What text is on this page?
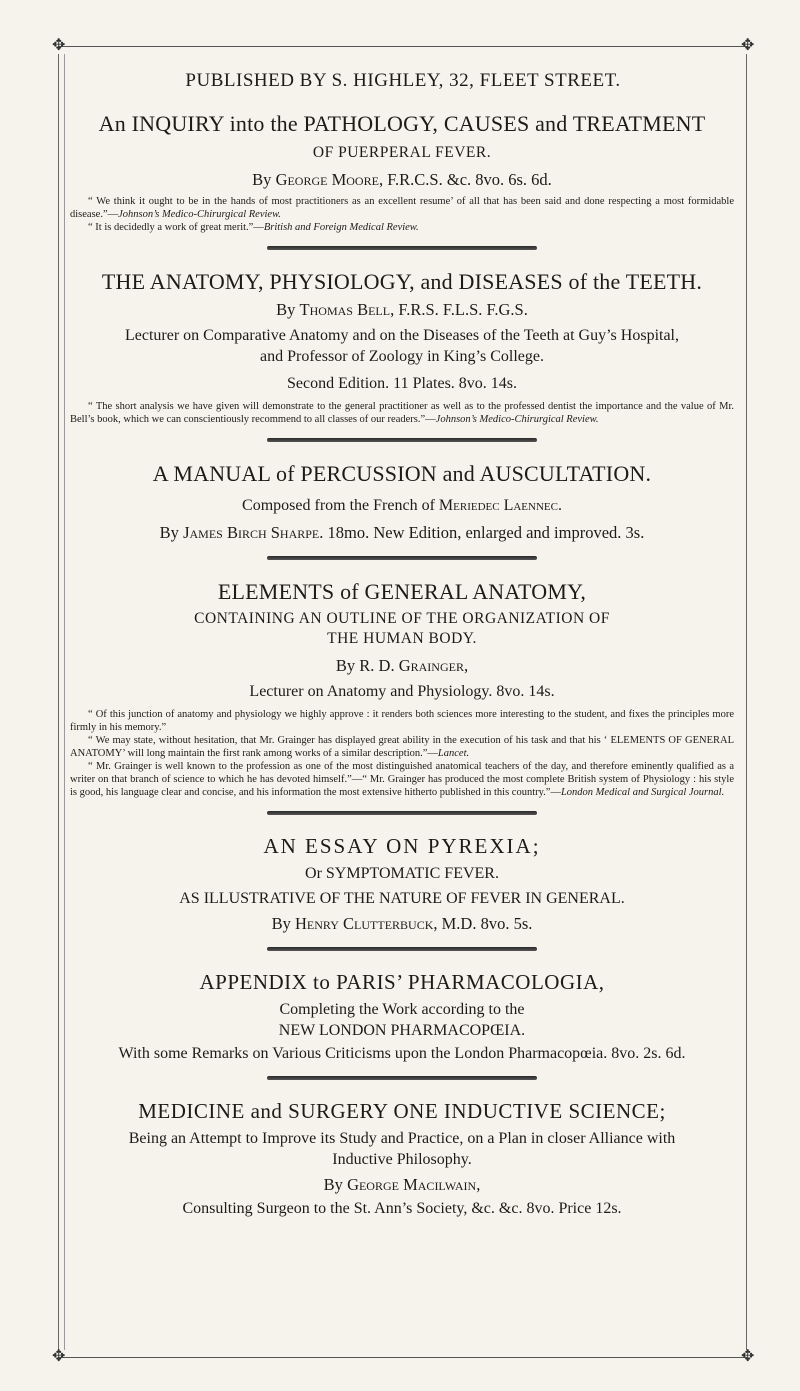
✥	✥
✥	✥
PUBLISHED BY S. HIGHLEY, 32, FLEET STREET.
An INQUIRY into the PATHOLOGY, CAUSES and TREATMENT
OF PUERPERAL FEVER.
By George Moore, F.R.C.S. &c. 8vo. 6s. 6d.

“ We think it ought to be in the hands of most practitioners as an excellent resume’ of all that has been said and done respecting a most formidable disease.”—Johnson’s Medico-Chirurgical Review.

“ It is decidedly a work of great merit.”—British and Foreign Medical Review.

THE ANATOMY, PHYSIOLOGY, and DISEASES of the TEETH.
By Thomas Bell, F.R.S. F.L.S. F.G.S.
Lecturer on Comparative Anatomy and on the Diseases of the Teeth at Guy’s Hospital,
and Professor of Zoology in King’s College.
Second Edition. 11 Plates. 8vo. 14s.

“ The short analysis we have given will demonstrate to the general practitioner as well as to the professed dentist the importance and the value of Mr. Bell’s book, which we can conscientiously recommend to all classes of our readers.”—Johnson’s Medico-Chirurgical Review.

A MANUAL of PERCUSSION and AUSCULTATION.
Composed from the French of Meriedec Laennec.
By James Birch Sharpe. 18mo. New Edition, enlarged and improved. 3s.
ELEMENTS of GENERAL ANATOMY,
CONTAINING AN OUTLINE OF THE ORGANIZATION OF
THE HUMAN BODY.
By R. D. Grainger,
Lecturer on Anatomy and Physiology. 8vo. 14s.

“ Of this junction of anatomy and physiology we highly approve : it renders both sciences more interesting to the student, and fixes the principles more firmly in his memory.”

“ We may state, without hesitation, that Mr. Grainger has displayed great ability in the execution of his task and that his ‘ ELEMENTS OF GENERAL ANATOMY’ will long maintain the first rank among works of a similar description.”—Lancet.

“ Mr. Grainger is well known to the profession as one of the most distinguished anatomical teachers of the day, and therefore eminently qualified as a writer on that branch of science to which he has devoted himself.”—“ Mr. Grainger has produced the most complete British system of Physiology : his style is good, his language clear and concise, and his information the most extensive hitherto published in this country.”—London Medical and Surgical Journal.

AN ESSAY ON PYREXIA;
Or SYMPTOMATIC FEVER.
AS ILLUSTRATIVE OF THE NATURE OF FEVER IN GENERAL.
By Henry Clutterbuck, M.D. 8vo. 5s.
APPENDIX to PARIS’ PHARMACOLOGIA,
Completing the Work according to the
NEW LONDON PHARMACOPŒIA.
With some Remarks on Various Criticisms upon the London Pharmacopœia. 8vo. 2s. 6d.
MEDICINE and SURGERY ONE INDUCTIVE SCIENCE;
Being an Attempt to Improve its Study and Practice, on a Plan in closer Alliance with
Inductive Philosophy.
By George Macilwain,
Consulting Surgeon to the St. Ann’s Society, &c. &c. 8vo. Price 12s.
